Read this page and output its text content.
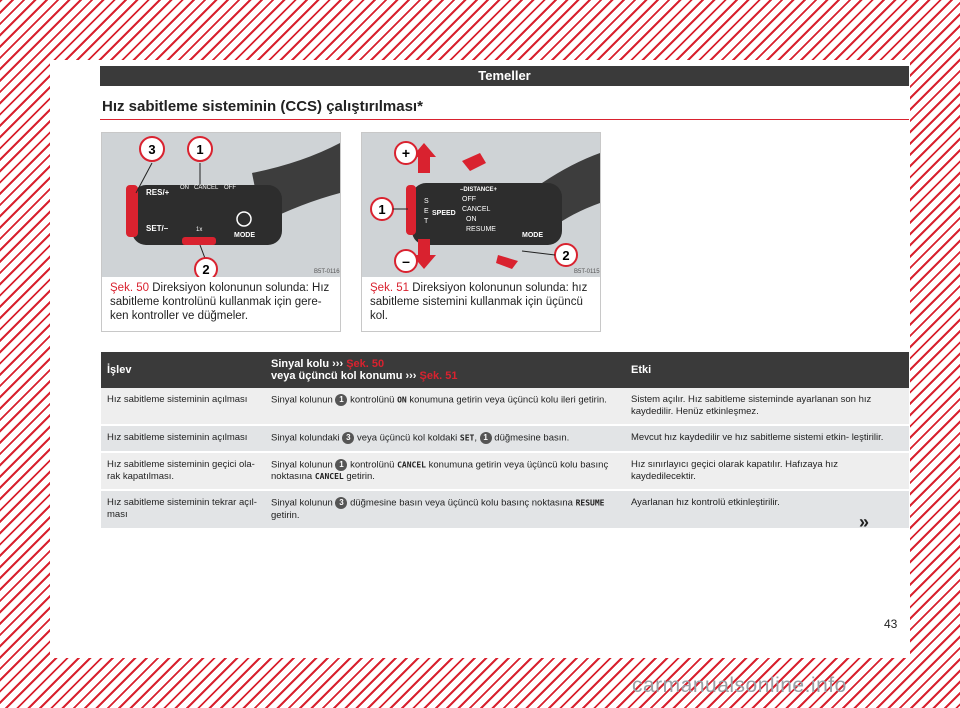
Temeller
Hız sabitleme sisteminin (CCS) çalıştırılması*
3	1
2
RES/+ ON CANCEL OFF
SET/–
MODE
1x
B5T-0116
Şek. 50 Direksiyon kolonunun solunda: Hız sabitleme kontrolünü kullanmak için gere- ken kontroller ve düğmeler.
+
1
–	2
–DISTANCE+
S
E
T
SPEED
OFF
CANCEL
ON
RESUME
MODE
B5T-0115
Şek. 51 Direksiyon kolonunun solunda: hız sabitleme sistemini kullanmak için üçüncü kol.
İşlev	Sinyal kolu ››› Şek. 50
veya üçüncü kol konumu ››› Şek. 51	Etki
Hız sabitleme sisteminin açılması	Sinyal kolunun 1 kontrolünü ON konumuna getirin veya üçüncü kolu ileri getirin.	Sistem açılır. Hız sabitleme sisteminde ayarlanan son hız kaydedilir. Henüz etkinleşmez.
Hız sabitleme sisteminin açılması	Sinyal kolundaki 3 veya üçüncü kol koldaki SET, 1 düğmesine basın.	Mevcut hız kaydedilir ve hız sabitleme sistemi etkin- leştirilir.
Hız sabitleme sisteminin geçici ola- rak kapatılması.	Sinyal kolunun 1 kontrolünü CANCEL konumuna getirin veya üçüncü kolu basınç noktasına CANCEL getirin.	Hız sınırlayıcı geçici olarak kapatılır. Hafızaya hız kaydedilecektir.
Hız sabitleme sisteminin tekrar açıl- ması	Sinyal kolunun 3 düğmesine basın veya üçüncü kolu basınç noktasına RESUME getirin.	Ayarlanan hız kontrolü etkinleştirilir.
»
43
carmanualsonline.info
